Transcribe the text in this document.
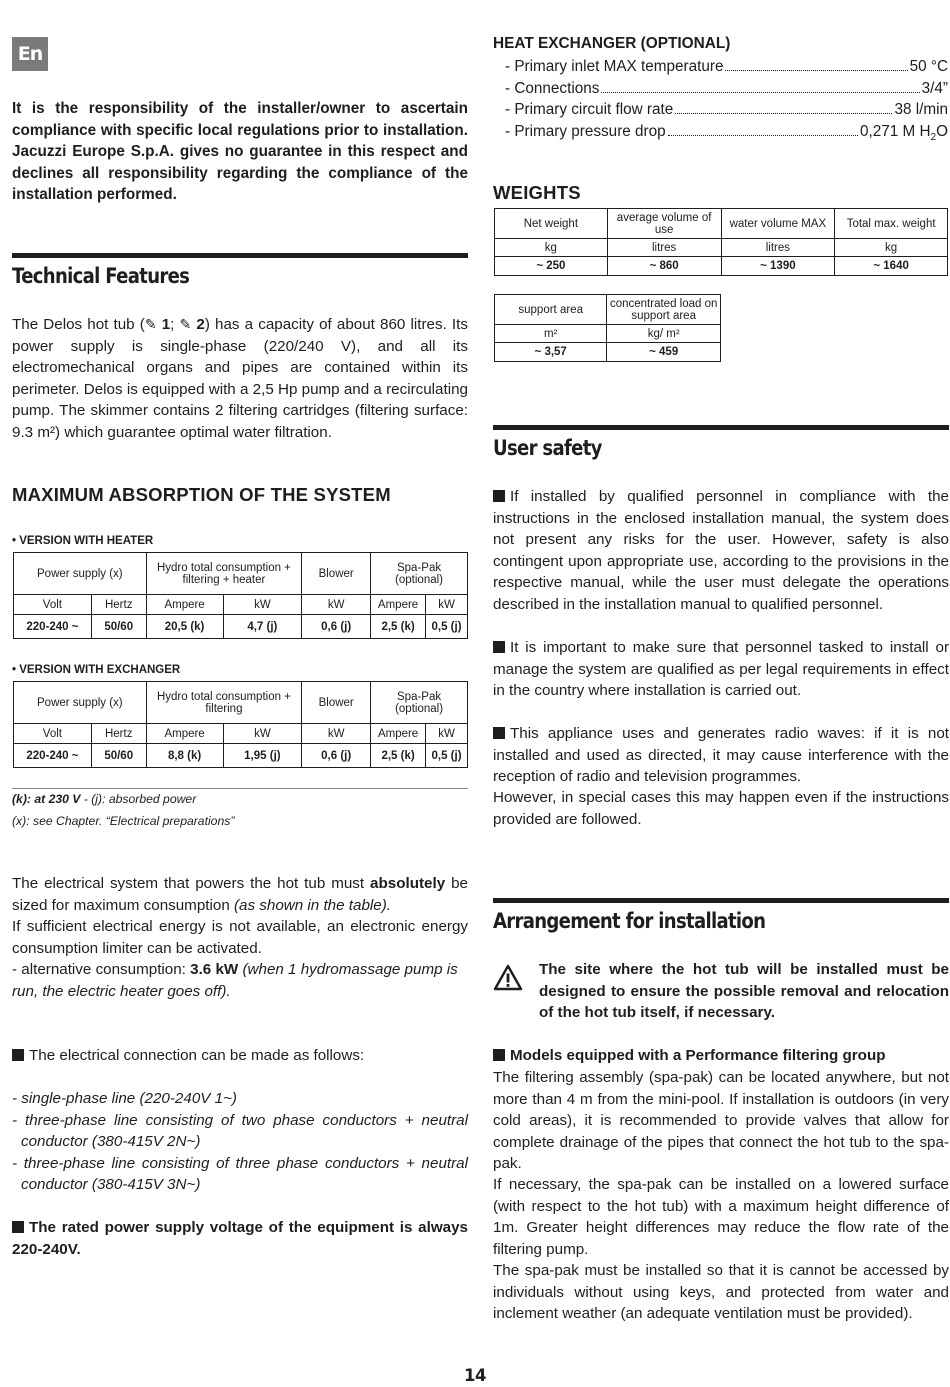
En

It is the responsibility of the installer/owner to ascertain compliance with specific local regulations prior to installation. Jacuzzi Europe S.p.A. gives no guarantee in this respect and declines all responsibility regarding the compliance of the installation performed.

Technical Features

The Delos hot tub (✎ 1; ✎ 2) has a capacity of about 860 litres. Its power supply is single-phase (220/240 V), and all its electromechanical organs and pipes are contained within its perimeter. Delos is equipped with a 2,5 Hp pump and a recirculating pump. The skimmer contains 2 filtering cartridges (filtering surface: 9.3 m²) which guarantee optimal water filtration.

MAXIMUM ABSORPTION OF THE SYSTEM
• VERSION WITH HEATER
Power supply (x)		Hydro total consumption + filtering + heater		Blower	Spa-Pak (optional)	
Volt	Hertz	Ampere	kW	kW	Ampere	kW
220-240 ~	50/60	20,5 (k)	4,7 (j)	0,6 (j)	2,5 (k)	0,5 (j)
• VERSION WITH EXCHANGER
Power supply (x)		Hydro total consumption + filtering		Blower	Spa-Pak (optional)	
Volt	Hertz	Ampere	kW	kW	Ampere	kW
220-240 ~	50/60	8,8 (k)	1,95 (j)	0,6 (j)	2,5 (k)	0,5 (j)
(k): at 230 V - (j): absorbed power
(x): see Chapter. “Electrical preparations”

The electrical system that powers the hot tub must absolutely be sized for maximum consumption (as shown in the table).

If sufficient electrical energy is not available, an electronic energy consumption limiter can be activated.

- alternative consumption: 3.6 kW (when 1 hydromassage pump is run, the electric heater goes off).

The electrical connection can be made as follows:

- single-phase line (220-240V 1~)
- three-phase line consisting of two phase conductors + neutral conductor (380-415V 2N~)
- three-phase line consisting of three phase conductors + neutral conductor (380-415V 3N~)

The rated power supply voltage of the equipment is always 220-240V.

HEAT EXCHANGER (OPTIONAL)
- Primary inlet MAX temperature	50 °C
- Connections	3/4”
- Primary circuit flow rate	38 l/min
- Primary pressure drop	0,271 M $H_2O$
WEIGHTS
Net weight	average volume of use	water volume MAX	Total max. weight
kg	litres	litres	kg
~ 250	~ 860	~ 1390	~ 1640
support area	concentrated load on support area
m²	kg/ m²
~ 3,57	~ 459
User safety

If installed by qualified personnel in compliance with the instructions in the enclosed installation manual, the system does not present any risks for the user. However, safety is also contingent upon appropriate use, according to the provisions in the respective manual, while the user must delegate the operations described in the installation manual to qualified personnel.

It is important to make sure that personnel tasked to install or manage the system are qualified as per legal requirements in effect in the country where installation is carried out.

This appliance uses and generates radio waves: if it is not installed and used as directed, it may cause interference with the reception of radio and television programmes.

However, in special cases this may happen even if the instructions provided are followed.

Arrangement for installation

The site where the hot tub will be installed must be designed to ensure the possible removal and relocation of the hot tub itself, if necessary.

Models equipped with a Performance filtering group

The filtering assembly (spa-pak) can be located anywhere, but not more than 4 m from the mini-pool. If installation is outdoors (in very cold areas), it is recommended to provide valves that allow for complete drainage of the pipes that connect the hot tub to the spa-pak.

If necessary, the spa-pak can be installed on a lowered surface (with respect to the hot tub) with a maximum height difference of 1m. Greater height differences may reduce the flow rate of the filtering pump.

The spa-pak must be installed so that it is cannot be accessed by individuals without using keys, and protected from water and inclement weather (an adequate ventilation must be provided).

14
